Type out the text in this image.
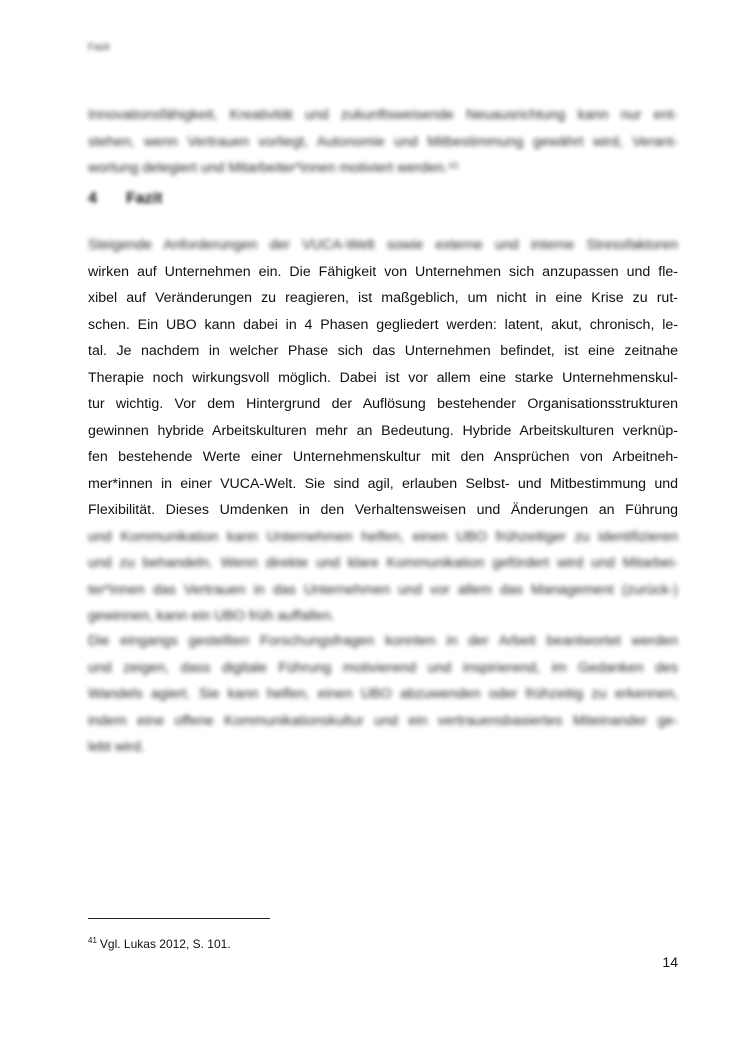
Fazit
Innovationsfähigkeit, Kreativität und zukunftsweisende Neuausrichtung kann nur ent-
stehen, wenn Vertrauen vorliegt, Autonomie und Mitbestimmung gewährt wird, Verant-
wortung delegiert und Mitarbeiter*innen motiviert werden.⁴¹
4 Fazit
Steigende Anforderungen der VUCA-Welt sowie externe und interne Stressfaktoren
wirken auf Unternehmen ein. Die Fähigkeit von Unternehmen sich anzupassen und fle-
xibel auf Veränderungen zu reagieren, ist maßgeblich, um nicht in eine Krise zu rut-
schen. Ein UBO kann dabei in 4 Phasen gegliedert werden: latent, akut, chronisch, le-
tal. Je nachdem in welcher Phase sich das Unternehmen befindet, ist eine zeitnahe
Therapie noch wirkungsvoll möglich. Dabei ist vor allem eine starke Unternehmenskul-
tur wichtig. Vor dem Hintergrund der Auflösung bestehender Organisationsstrukturen
gewinnen hybride Arbeitskulturen mehr an Bedeutung. Hybride Arbeitskulturen verknüp-
fen bestehende Werte einer Unternehmenskultur mit den Ansprüchen von Arbeitneh-
mer*innen in einer VUCA-Welt. Sie sind agil, erlauben Selbst- und Mitbestimmung und
Flexibilität. Dieses Umdenken in den Verhaltensweisen und Änderungen an Führung
und Kommunikation kann Unternehmen helfen, einen UBO frühzeitiger zu identifizieren
und zu behandeln. Wenn direkte und klare Kommunikation gefördert wird und Mitarbei-
ter*innen das Vertrauen in das Unternehmen und vor allem das Management (zurück-)
gewinnen, kann ein UBO früh auffallen.
Die eingangs gestellten Forschungsfragen konnten in der Arbeit beantwortet werden
und zeigen, dass digitale Führung motivierend und inspirierend, im Gedanken des
Wandels agiert. Sie kann helfen, einen UBO abzuwenden oder frühzeitig zu erkennen,
indem eine offene Kommunikationskultur und ein vertrauensbasiertes Miteinander ge-
lebt wird.
$^{41}$ Vgl. Lukas 2012, S. 101.
14
